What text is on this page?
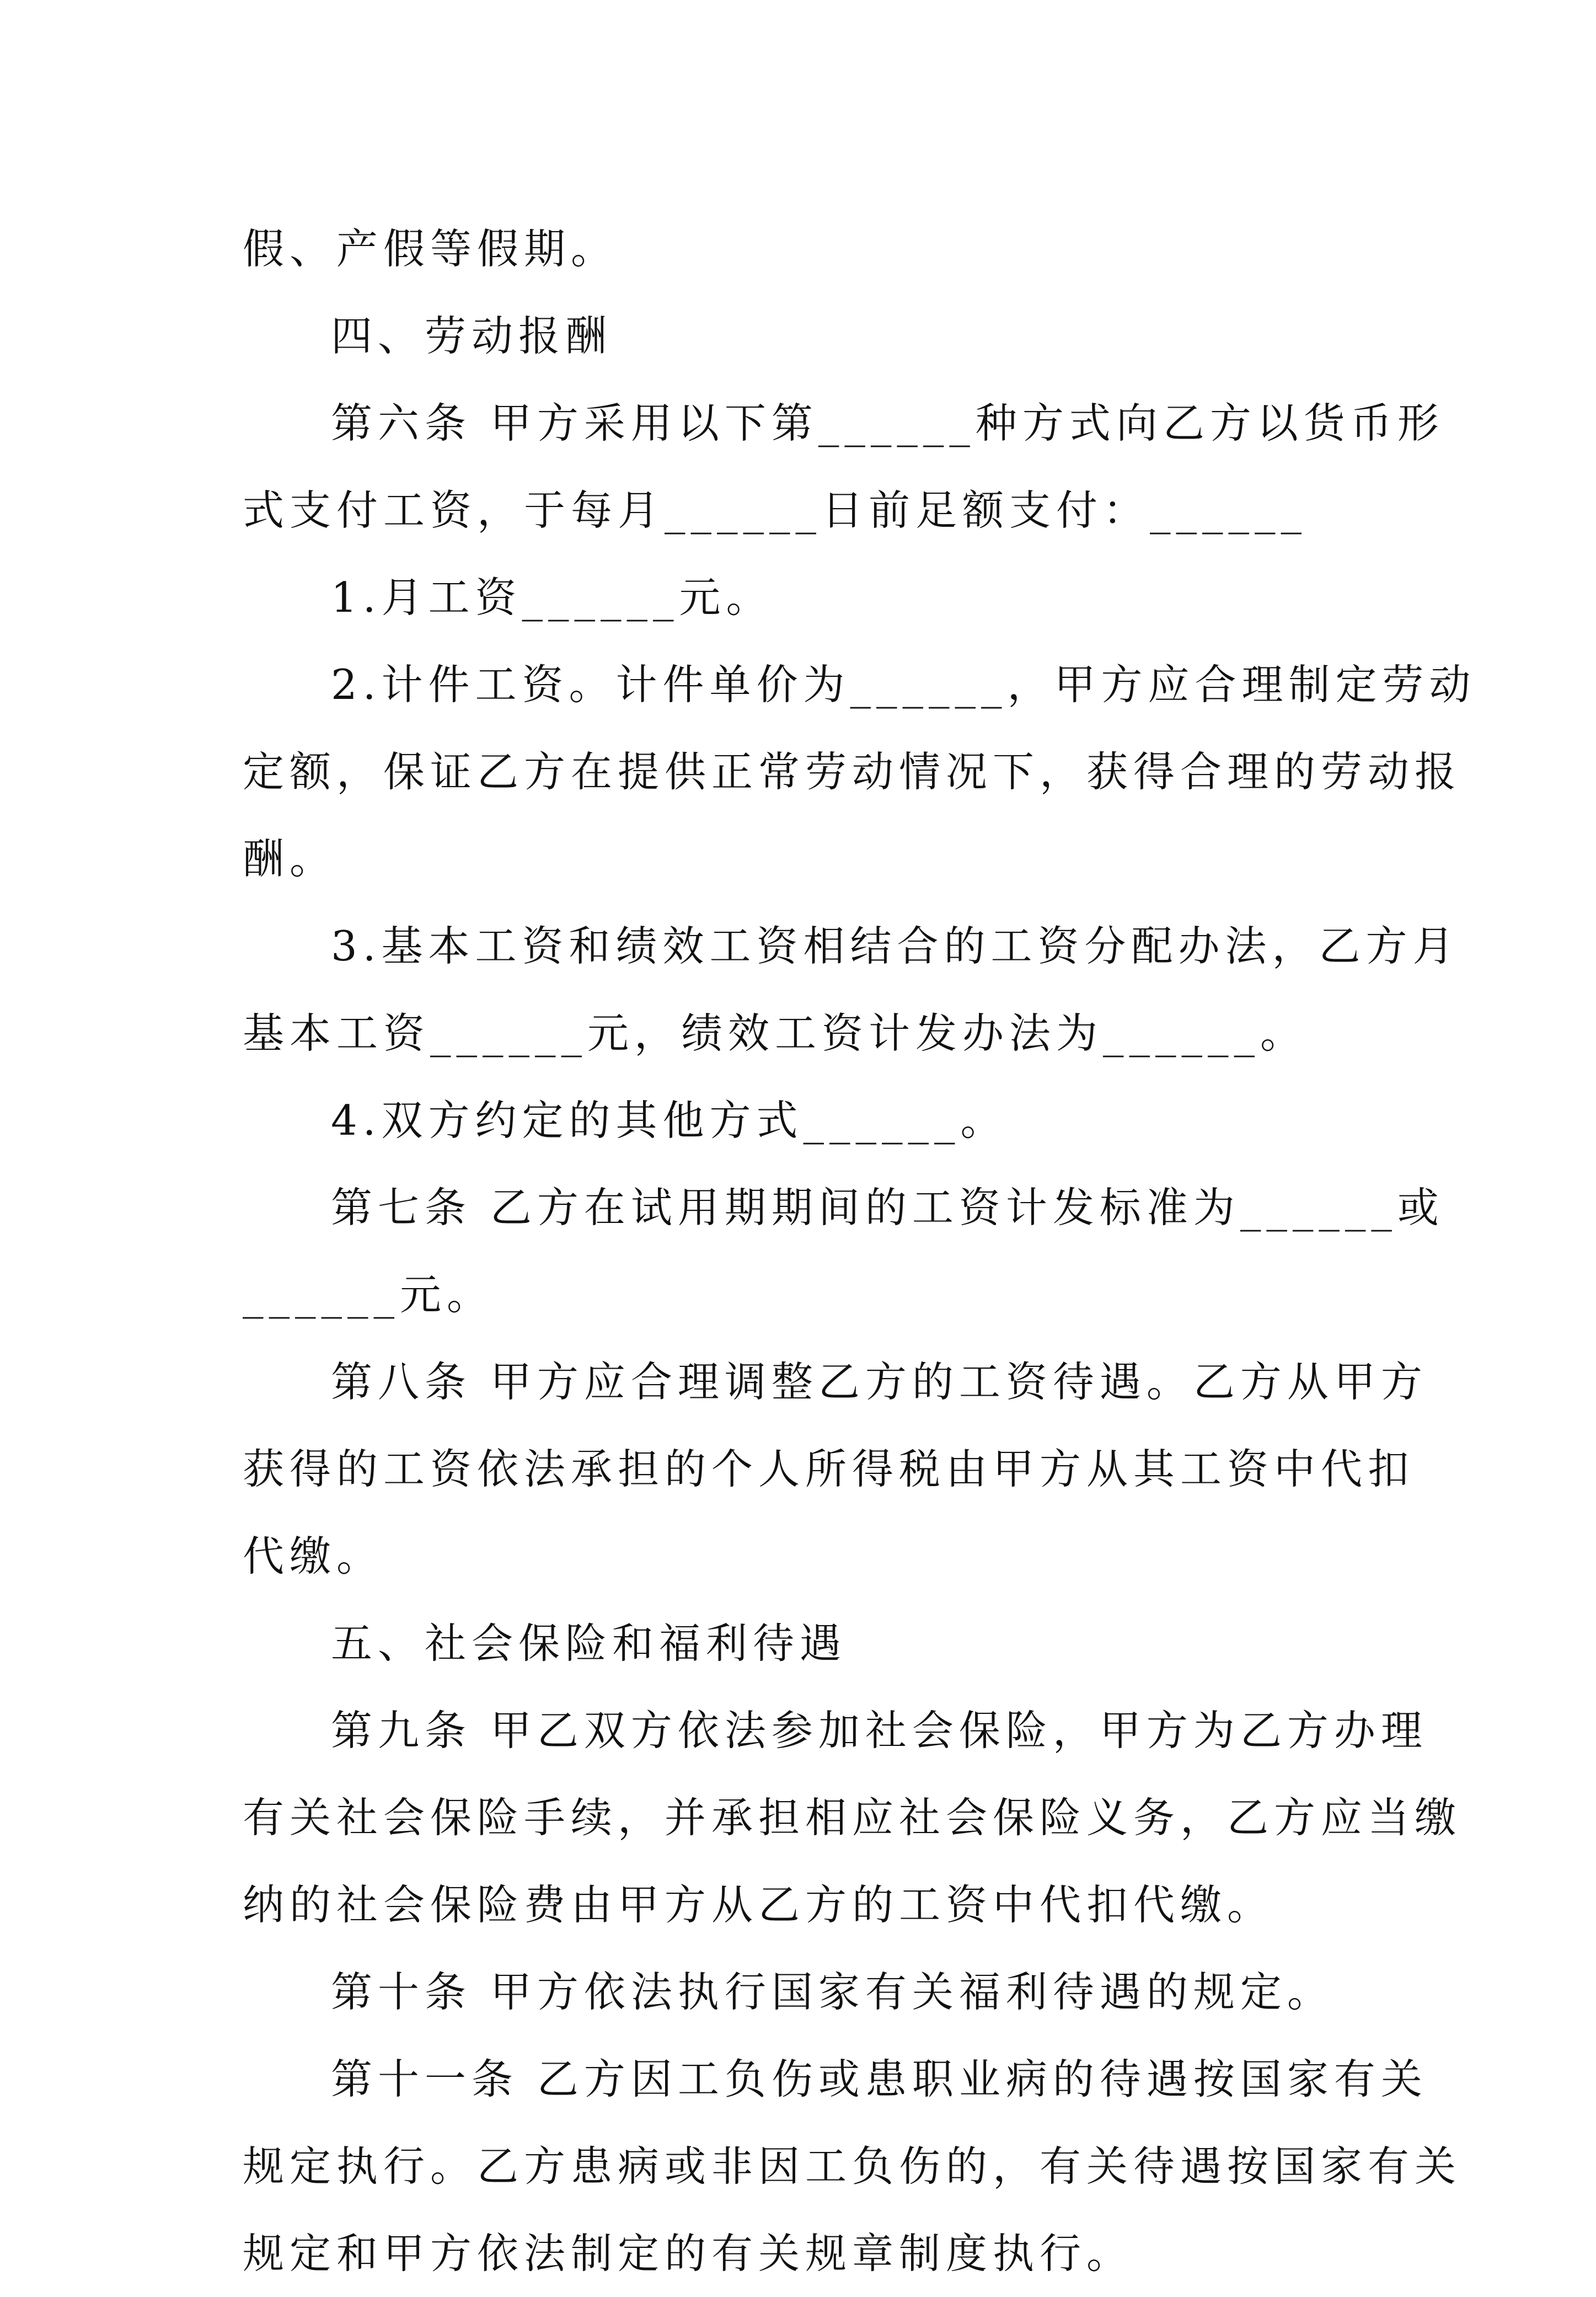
假、产假等假期。
四、劳动报酬
第六条 甲方采用以下第______种方式向乙方以货币形
式支付工资，于每月______日前足额支付：______
1.月工资______元。
2.计件工资。计件单价为______，甲方应合理制定劳动
定额，保证乙方在提供正常劳动情况下，获得合理的劳动报
酬。
3.基本工资和绩效工资相结合的工资分配办法，乙方月
基本工资______元，绩效工资计发办法为______。
4.双方约定的其他方式______。
第七条 乙方在试用期期间的工资计发标准为______或
______元。
第八条 甲方应合理调整乙方的工资待遇。乙方从甲方
获得的工资依法承担的个人所得税由甲方从其工资中代扣
代缴。
五、社会保险和福利待遇
第九条 甲乙双方依法参加社会保险，甲方为乙方办理
有关社会保险手续，并承担相应社会保险义务，乙方应当缴
纳的社会保险费由甲方从乙方的工资中代扣代缴。
第十条 甲方依法执行国家有关福利待遇的规定。
第十一条 乙方因工负伤或患职业病的待遇按国家有关
规定执行。乙方患病或非因工负伤的，有关待遇按国家有关
规定和甲方依法制定的有关规章制度执行。
